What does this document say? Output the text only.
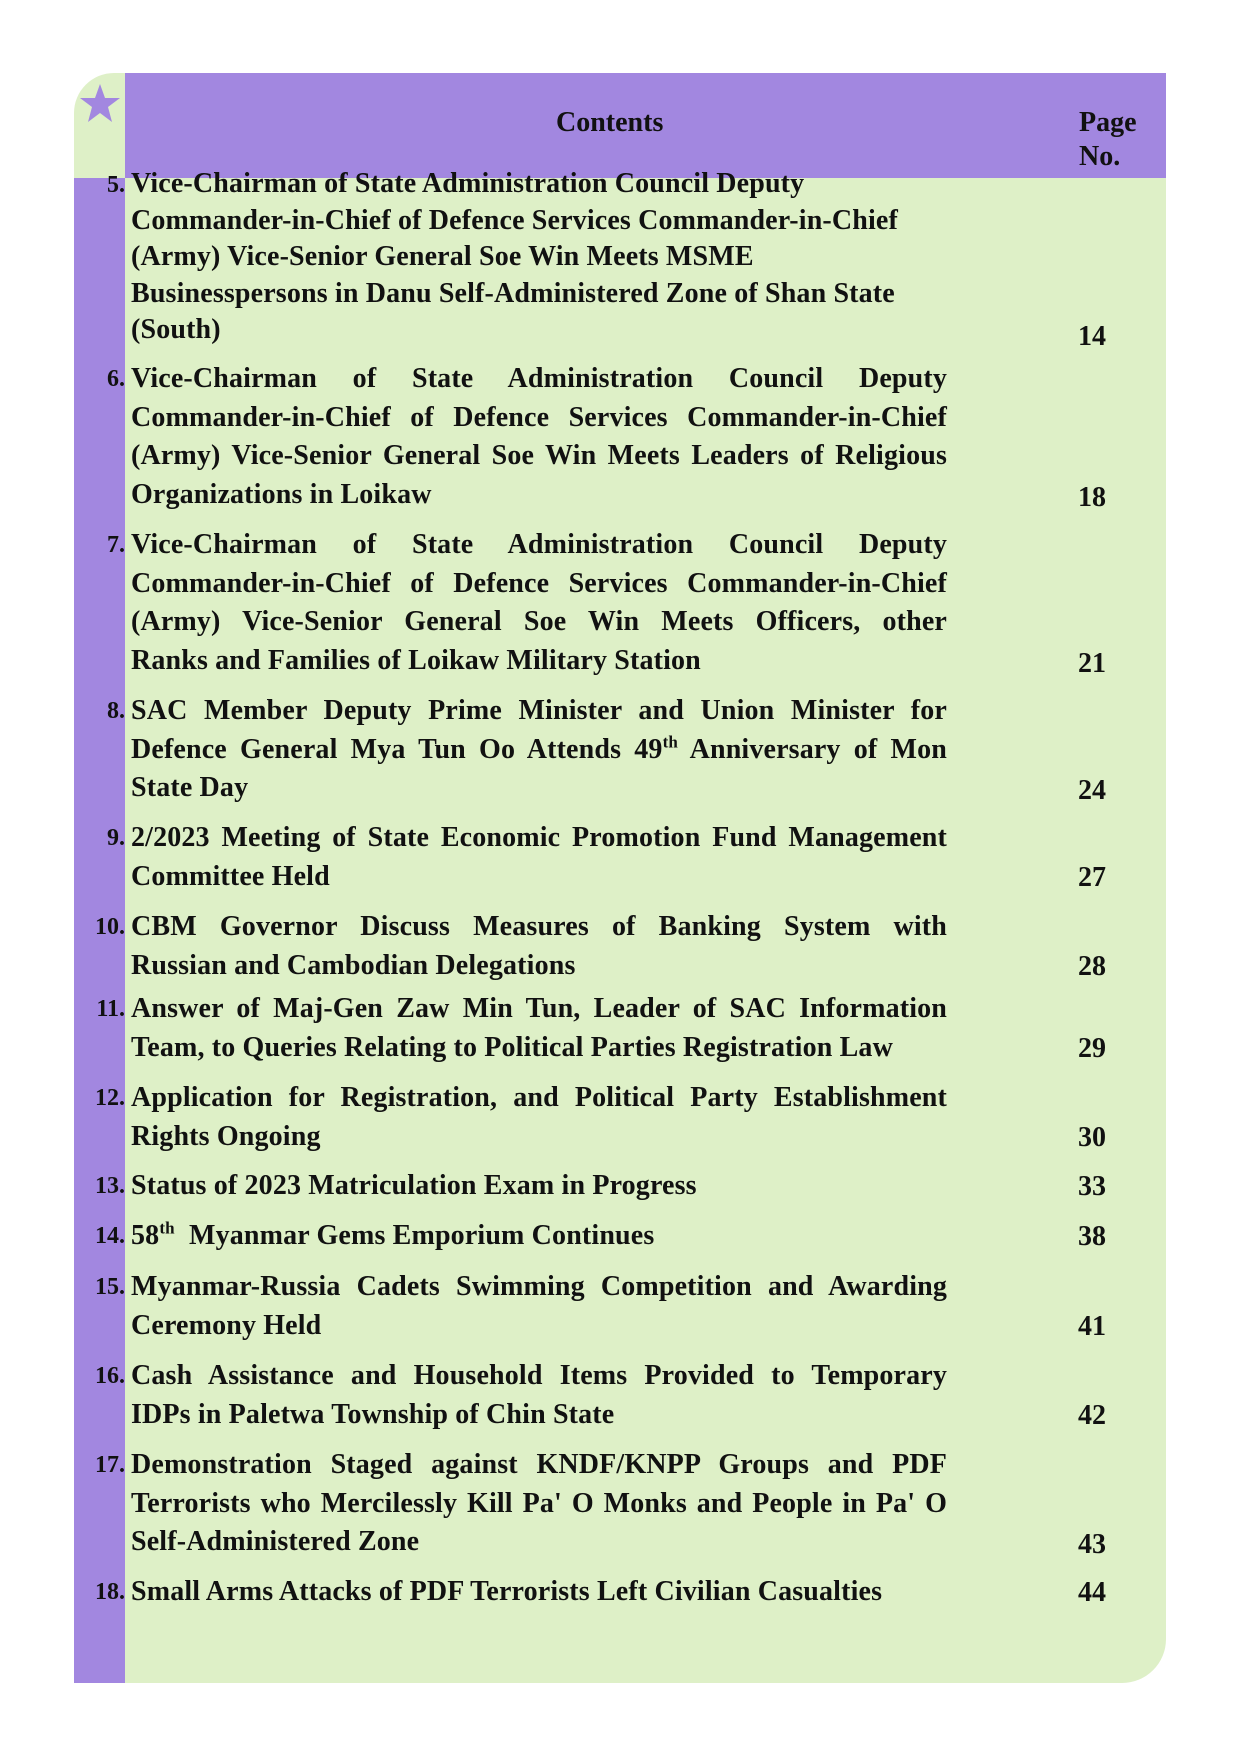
Contents	Page No.
5. Vice-Chairman of State Administration Council Deputy
Commander-in-Chief of Defence Services Commander-in-Chief
(Army) Vice-Senior General Soe Win Meets MSME
Businesspersons in Danu Self-Administered Zone of Shan State
(South)	14
6. Vice-Chairman of State Administration Council Deputy
Commander-in-Chief of Defence Services Commander-in-Chief
(Army) Vice-Senior General Soe Win Meets Leaders of Religious
Organizations in Loikaw	18
7. Vice-Chairman of State Administration Council Deputy
Commander-in-Chief of Defence Services Commander-in-Chief
(Army) Vice-Senior General Soe Win Meets Officers, other
Ranks and Families of Loikaw Military Station	21
8. SAC Member Deputy Prime Minister and Union Minister for
Defence General Mya Tun Oo Attends 49th Anniversary of Mon
State Day	24
9. 2/2023 Meeting of State Economic Promotion Fund Management
Committee Held	27
10. CBM Governor Discuss Measures of Banking System with
Russian and Cambodian Delegations	28
11. Answer of Maj-Gen Zaw Min Tun, Leader of SAC Information
Team, to Queries Relating to Political Parties Registration Law	29
12. Application for Registration, and Political Party Establishment
Rights Ongoing	30
13. Status of 2023 Matriculation Exam in Progress	33
14. 58th  Myanmar Gems Emporium Continues	38
15. Myanmar-Russia Cadets Swimming Competition and Awarding
Ceremony Held	41
16. Cash Assistance and Household Items Provided to Temporary
IDPs in Paletwa Township of Chin State	42
17. Demonstration Staged against KNDF/KNPP Groups and PDF
Terrorists who Mercilessly Kill Pa' O Monks and People in Pa' O
Self-Administered Zone	43
18. Small Arms Attacks of PDF Terrorists Left Civilian Casualties	44
